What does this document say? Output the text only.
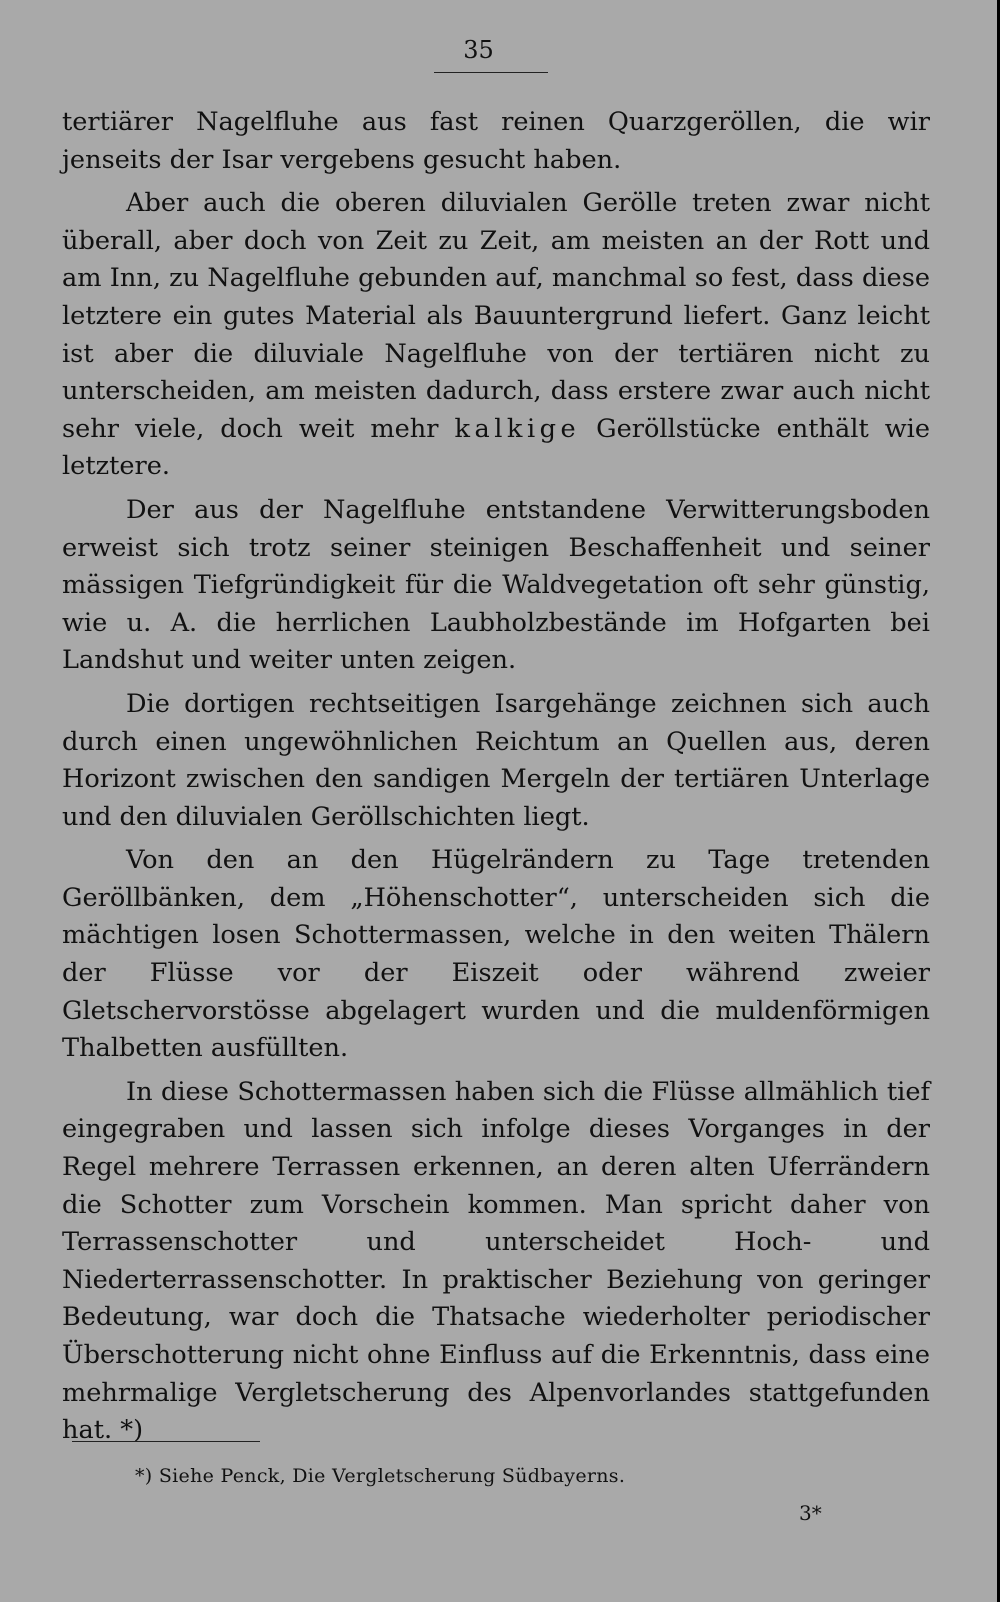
35

tertiärer Nagelfluhe aus fast reinen Quarzgeröllen, die wir jenseits der Isar vergebens gesucht haben.

Aber auch die oberen diluvialen Gerölle treten zwar nicht überall, aber doch von Zeit zu Zeit, am meisten an der Rott und am Inn, zu Nagelfluhe gebunden auf, manchmal so fest, dass diese letztere ein gutes Material als Bauuntergrund liefert. Ganz leicht ist aber die diluviale Nagelfluhe von der tertiären nicht zu unterscheiden, am meisten dadurch, dass erstere zwar auch nicht sehr viele, doch weit mehr kalkige Geröllstücke enthält wie letztere.

Der aus der Nagelfluhe entstandene Verwitterungsboden erweist sich trotz seiner steinigen Beschaffenheit und seiner mässigen Tiefgründigkeit für die Waldvegetation oft sehr günstig, wie u. A. die herrlichen Laubholzbestände im Hofgarten bei Landshut und weiter unten zeigen.

Die dortigen rechtseitigen Isargehänge zeichnen sich auch durch einen ungewöhnlichen Reichtum an Quellen aus, deren Horizont zwischen den sandigen Mergeln der tertiären Unterlage und den diluvialen Geröllschichten liegt.

Von den an den Hügelrändern zu Tage tretenden Geröllbänken, dem „Höhenschotter“, unterscheiden sich die mächtigen losen Schottermassen, welche in den weiten Thälern der Flüsse vor der Eiszeit oder während zweier Gletschervorstösse abgelagert wurden und die muldenförmigen Thalbetten ausfüllten.

In diese Schottermassen haben sich die Flüsse allmählich tief eingegraben und lassen sich infolge dieses Vorganges in der Regel mehrere Terrassen erkennen, an deren alten Uferrändern die Schotter zum Vorschein kommen. Man spricht daher von Terrassenschotter und unterscheidet Hoch- und Niederterrassenschotter. In praktischer Beziehung von geringer Bedeutung, war doch die Thatsache wiederholter periodischer Überschotterung nicht ohne Einfluss auf die Erkenntnis, dass eine mehrmalige Vergletscherung des Alpenvorlandes stattgefunden hat. *)

*) Siehe Penck, Die Vergletscherung Südbayerns.
3*
